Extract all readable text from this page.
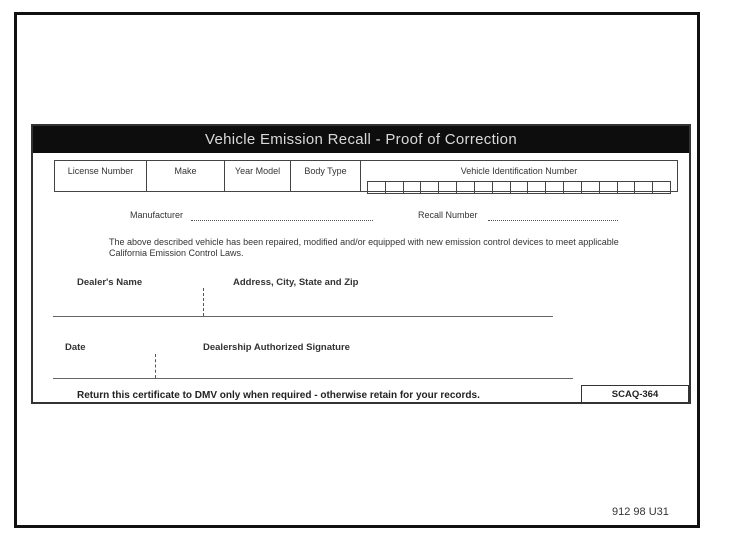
Vehicle Emission Recall - Proof of Correction
License Number	Make	Year Model	Body Type	Vehicle Identification Number
Manufacturer	Recall Number
The above described vehicle has been repaired, modified and/or equipped with new emission control devices to meet applicable California Emission Control Laws.
Dealer's Name	Address, City, State and Zip
Date	Dealership Authorized Signature
Return this certificate to DMV only when required - otherwise retain for your records.	SCAQ-364
912 98 U31
